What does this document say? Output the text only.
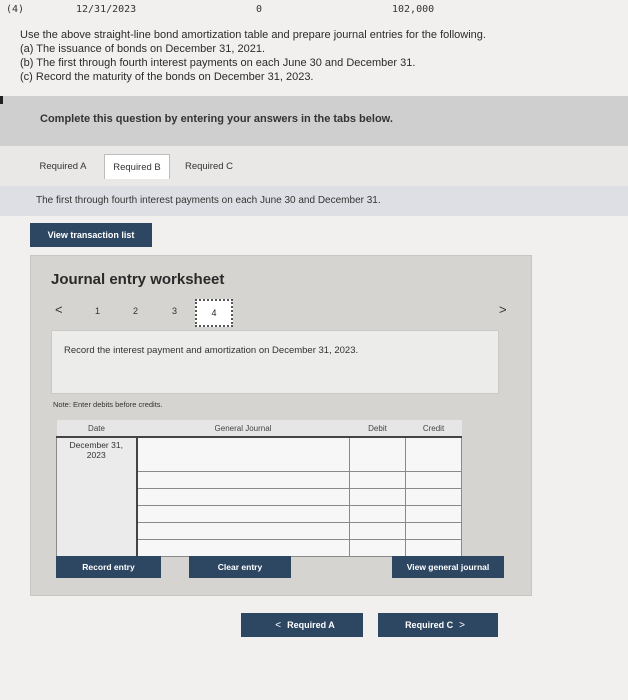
(4)	12/31/2023	0	102,000
Use the above straight-line bond amortization table and prepare journal entries for the following.
(a) The issuance of bonds on December 31, 2021.
(b) The first through fourth interest payments on each June 30 and December 31.
(c) Record the maturity of the bonds on December 31, 2023.
Complete this question by entering your answers in the tabs below.
Required A	Required B	Required C
The first through fourth interest payments on each June 30 and December 31.
View transaction list
Journal entry worksheet
<	1	2	3	4	>
Record the interest payment and amortization on December 31, 2023.
Note: Enter debits before credits.
Date	General Journal	Debit	Credit

December 31,
2023			

Record entry	Clear entry	View general journal
< Required A	Required C >
